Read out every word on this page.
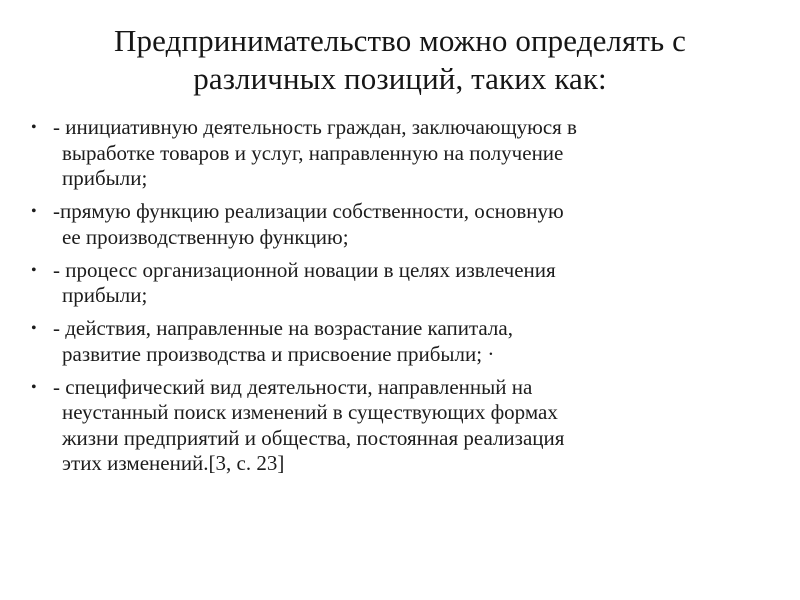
Предпринимательство можно определять с
различных позиций, таких как:
• - инициативную деятельность граждан, заключающуюся в
выработке товаров и услуг, направленную на получение
прибыли;
• -прямую функцию реализации собственности, основную
ее производственную функцию;
• - процесс организационной новации в целях извлечения
прибыли;
• - действия, направленные на возрастание капитала,
развитие производства и присвоение прибыли; ·
• - специфический вид деятельности, направленный на
неустанный поиск изменений в существующих формах
жизни предприятий и общества, постоянная реализация
этих изменений.[3, с. 23]
